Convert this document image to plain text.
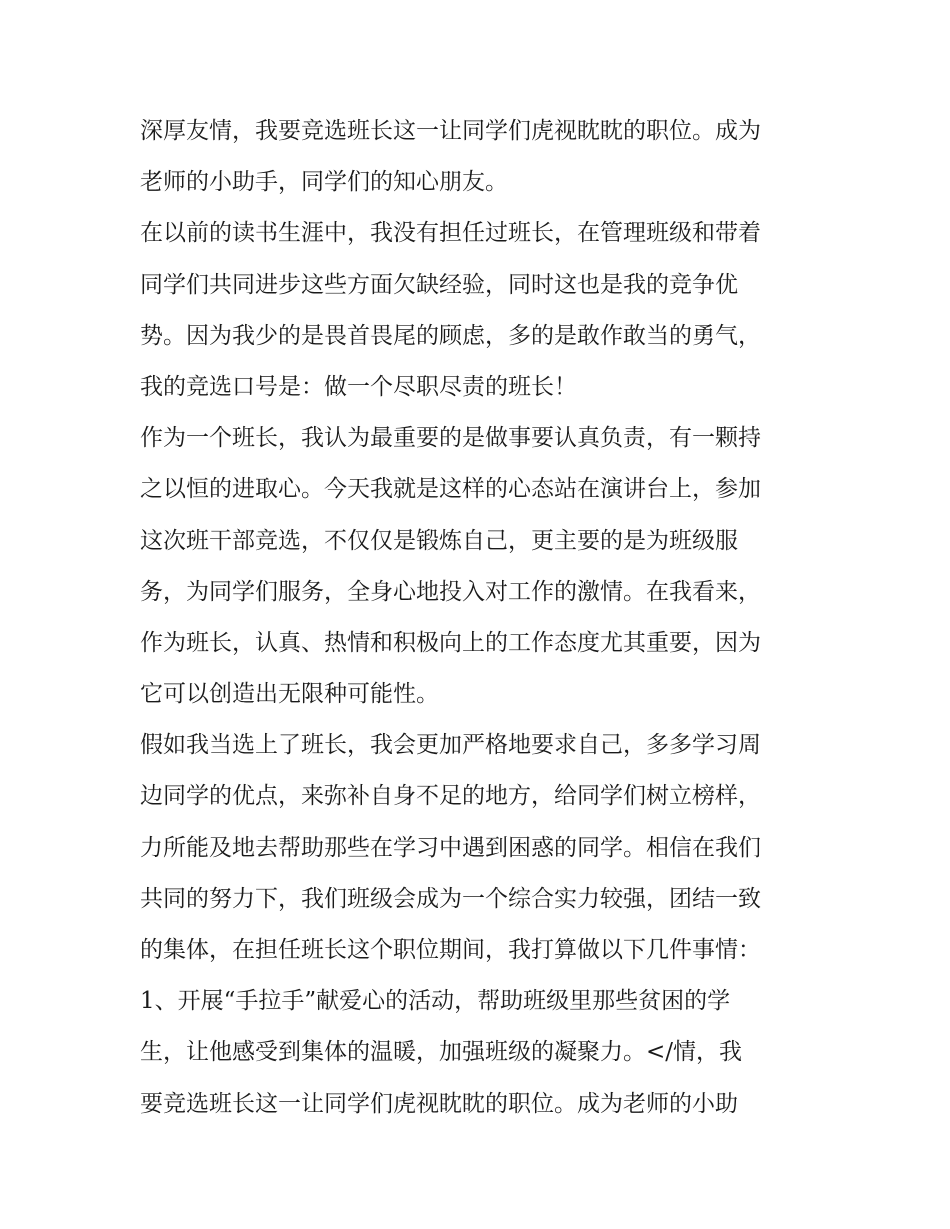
深厚友情，我要竞选班长这一让同学们虎视眈眈的职位。成为
老师的小助手，同学们的知心朋友。
在以前的读书生涯中，我没有担任过班长，在管理班级和带着
同学们共同进步这些方面欠缺经验，同时这也是我的竞争优
势。因为我少的是畏首畏尾的顾虑，多的是敢作敢当的勇气，
我的竞选口号是：做一个尽职尽责的班长！
作为一个班长，我认为最重要的是做事要认真负责，有一颗持
之以恒的进取心。今天我就是这样的心态站在演讲台上，参加
这次班干部竞选，不仅仅是锻炼自己，更主要的是为班级服
务，为同学们服务，全身心地投入对工作的激情。在我看来，
作为班长，认真、热情和积极向上的工作态度尤其重要，因为
它可以创造出无限种可能性。
假如我当选上了班长，我会更加严格地要求自己，多多学习周
边同学的优点，来弥补自身不足的地方，给同学们树立榜样，
力所能及地去帮助那些在学习中遇到困惑的同学。相信在我们
共同的努力下，我们班级会成为一个综合实力较强，团结一致
的集体，在担任班长这个职位期间，我打算做以下几件事情：
1、开展“手拉手”献爱心的活动，帮助班级里那些贫困的学
生，让他感受到集体的温暖，加强班级的凝聚力。</情，我
要竞选班长这一让同学们虎视眈眈的职位。成为老师的小助
